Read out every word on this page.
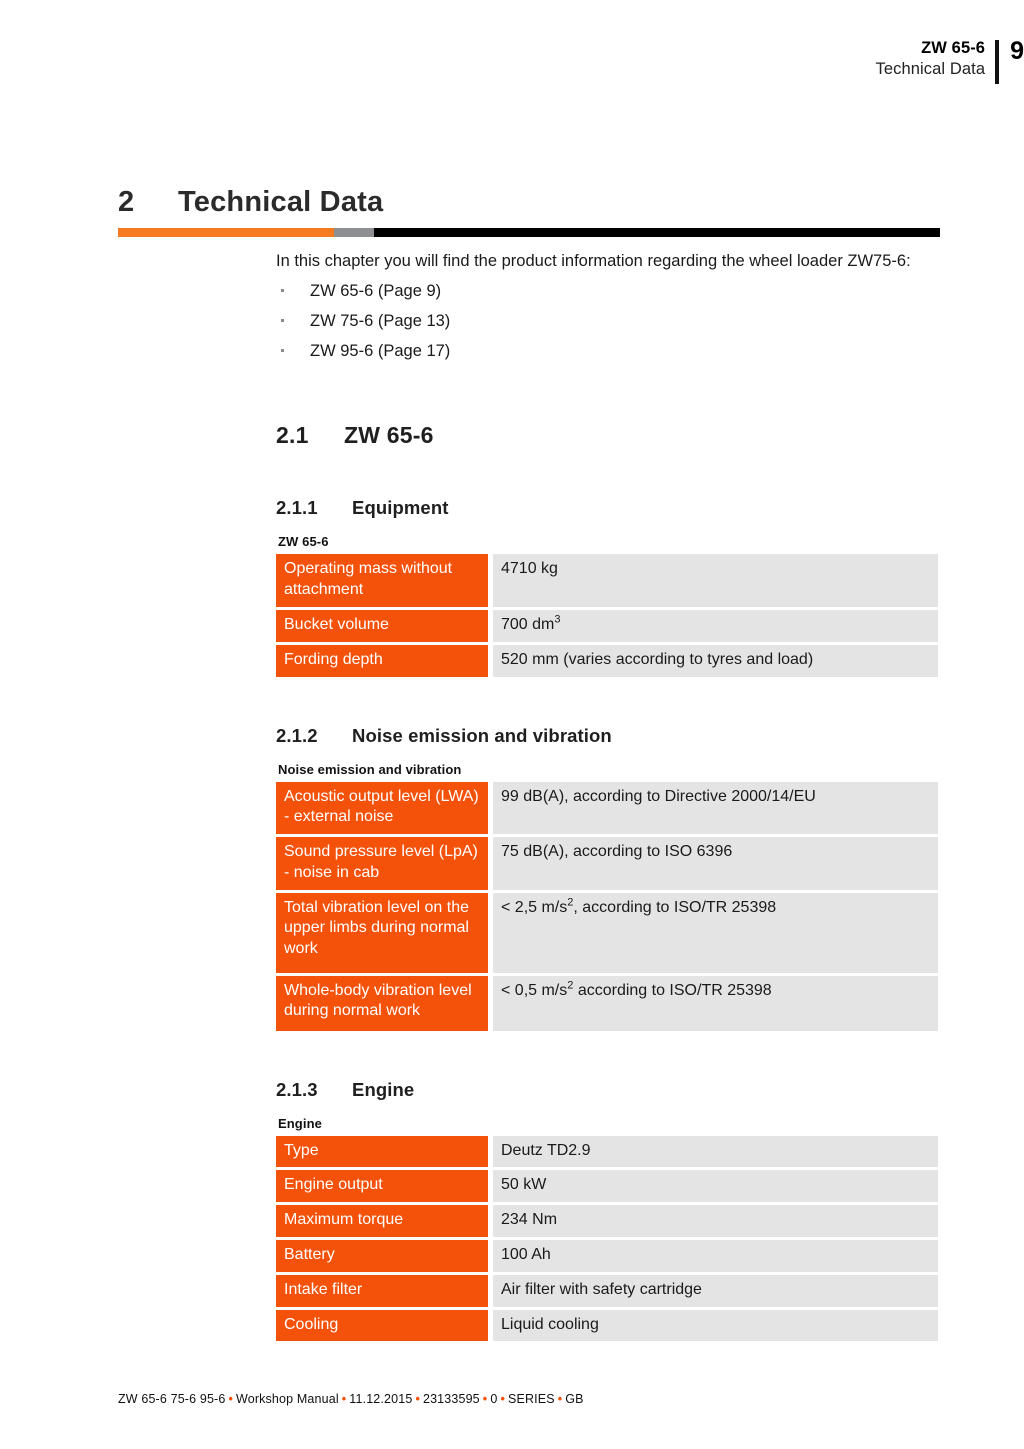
ZW 65-6
Technical Data
9
2	Technical Data

In this chapter you will find the product information regarding the wheel loader ZW75-6:

ZW 65-6 (Page 9)
ZW 75-6 (Page 13)
ZW 95-6 (Page 17)
2.1	ZW 65-6
2.1.1	Equipment
ZW 65-6
Operating mass without attachment	4710 kg
Bucket volume	700 $dm^3$
Fording depth	520 mm (varies according to tyres and load)
2.1.2	Noise emission and vibration
Noise emission and vibration
Acoustic output level (LWA) - external noise	99 dB(A), according to Directive 2000/14/EU
Sound pressure level (LpA) - noise in cab	75 dB(A), according to ISO 6396
Total vibration level on the upper limbs during normal work	< 2,5 $m/s^2$, according to ISO/TR 25398
Whole-body vibration level during normal work	< 0,5 $m/s^2$ according to ISO/TR 25398
2.1.3	Engine
Engine
Type	Deutz TD2.9
Engine output	50 kW
Maximum torque	234 Nm
Battery	100 Ah
Intake filter	Air filter with safety cartridge
Cooling	Liquid cooling
ZW 65-6 75-6 95-6 • Workshop Manual • 11.12.2015 • 23133595 • 0 • SERIES • GB
